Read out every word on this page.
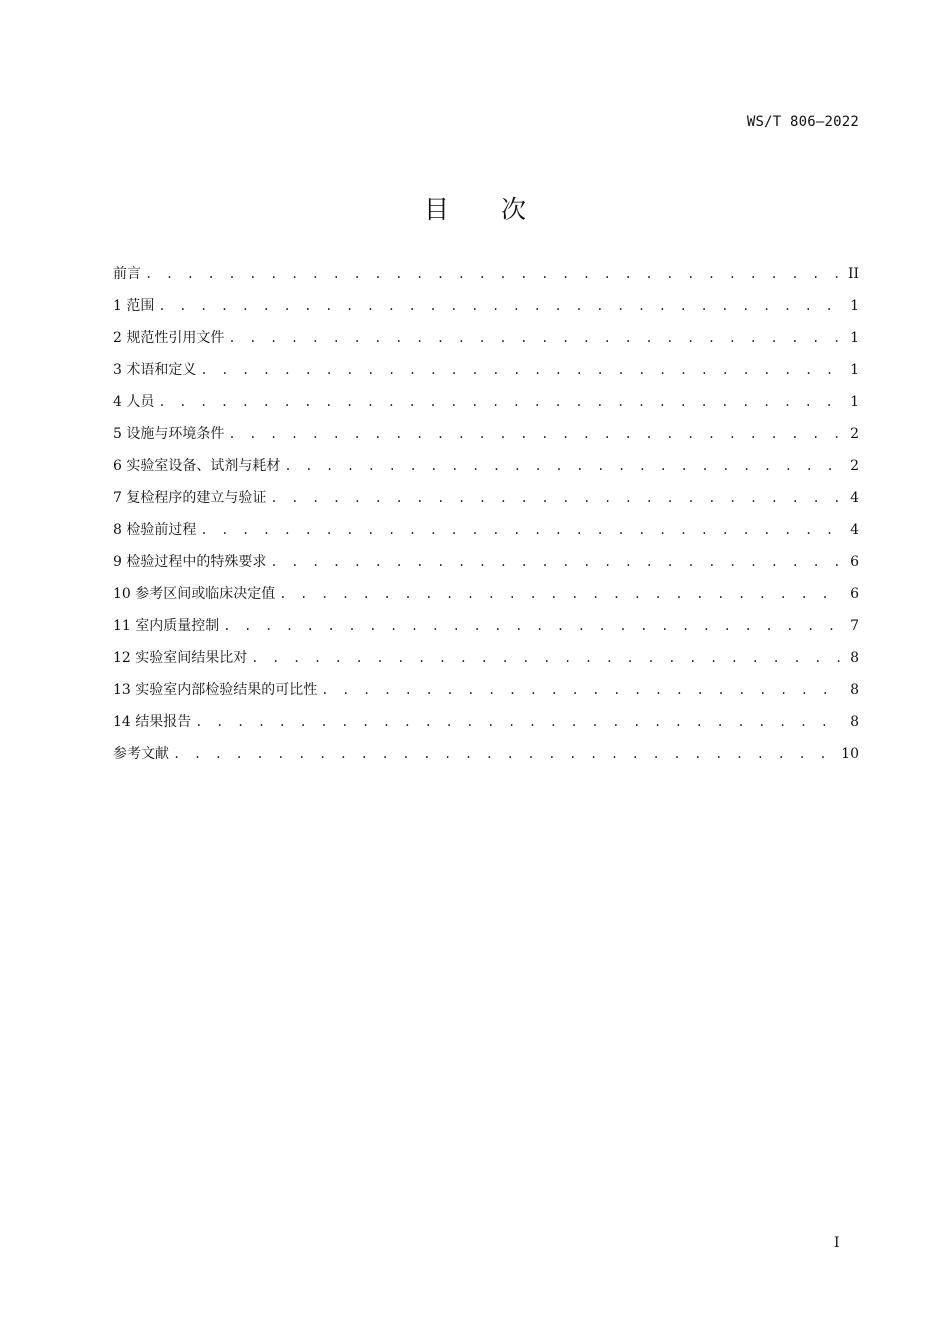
WS/T 806—2022
目次
前言 . . .	II
1 范围 . . .	1
2 规范性引用文件 . . .	1
3 术语和定义 . . .	1
4 人员 . . .	1
5 设施与环境条件 . . .	2
6 实验室设备、试剂与耗材 . . .	2
7 复检程序的建立与验证 . . .	4
8 检验前过程 . . .	4
9 检验过程中的特殊要求 . . .	6
10 参考区间或临床决定值 . . .	6
11 室内质量控制 . . .	7
12 实验室间结果比对 . . .	8
13 实验室内部检验结果的可比性 . . .	8
14 结果报告 . . .	8
参考文献 . . .	10
I
